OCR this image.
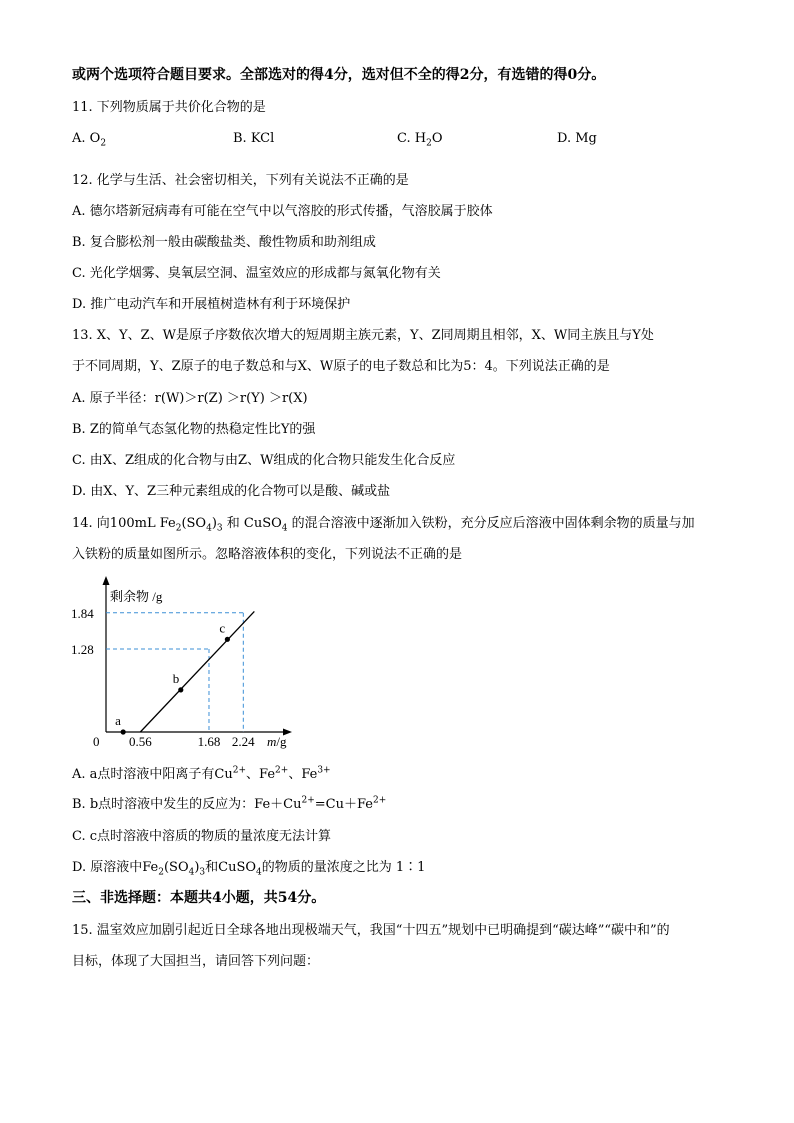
或两个选项符合题目要求。全部选对的得4分，选对但不全的得2分，有选错的得0分。
11. 下列物质属于共价化合物的是
A. $O_2$	B. KCl	C. $H_2O$	D. Mg
12. 化学与生活、社会密切相关，下列有关说法不正确的是
A. 德尔塔新冠病毒有可能在空气中以气溶胶的形式传播，气溶胶属于胶体
B. 复合膨松剂一般由碳酸盐类、酸性物质和助剂组成
C. 光化学烟雾、臭氧层空洞、温室效应的形成都与氮氧化物有关
D. 推广电动汽车和开展植树造林有利于环境保护
13. X、Y、Z、W是原子序数依次增大的短周期主族元素，Y、Z同周期且相邻，X、W同主族且与Y处
于不同周期，Y、Z原子的电子数总和与X、W原子的电子数总和比为5：4。下列说法正确的是
A. 原子半径：r(W)＞r(Z) ＞r(Y) ＞r(X)
B. Z的简单气态氢化物的热稳定性比Y的强
C. 由X、Z组成的化合物与由Z、W组成的化合物只能发生化合反应
D. 由X、Y、Z三种元素组成的化合物可以是酸、碱或盐
14. 向100mL $Fe_2(SO_4)_3$ 和 CuSO$_4$ 的混合溶液中逐渐加入铁粉，充分反应后溶液中固体剩余物的质量与加
入铁粉的质量如图所示。忽略溶液体积的变化，下列说法不正确的是
a
b
c
剩余物 /g
0
1.84
1.28
0.56	1.68 2.24 m/g
A. a点时溶液中阳离子有$Cu^{2+}$、$Fe^{2+}$、$Fe^{3+}$
B. b点时溶液中发生的反应为：$Fe+Cu^{2+}=Cu+Fe^{2+}$
C. c点时溶液中溶质的物质的量浓度无法计算
D. 原溶液中$Fe_2(SO_4)_3$和CuSO$_4$的物质的量浓度之比为 1∶1
三、非选择题：本题共4小题，共54分。
15. 温室效应加剧引起近日全球各地出现极端天气，我国“十四五”规划中已明确提到“碳达峰”“碳中和”的
目标，体现了大国担当，请回答下列问题：
